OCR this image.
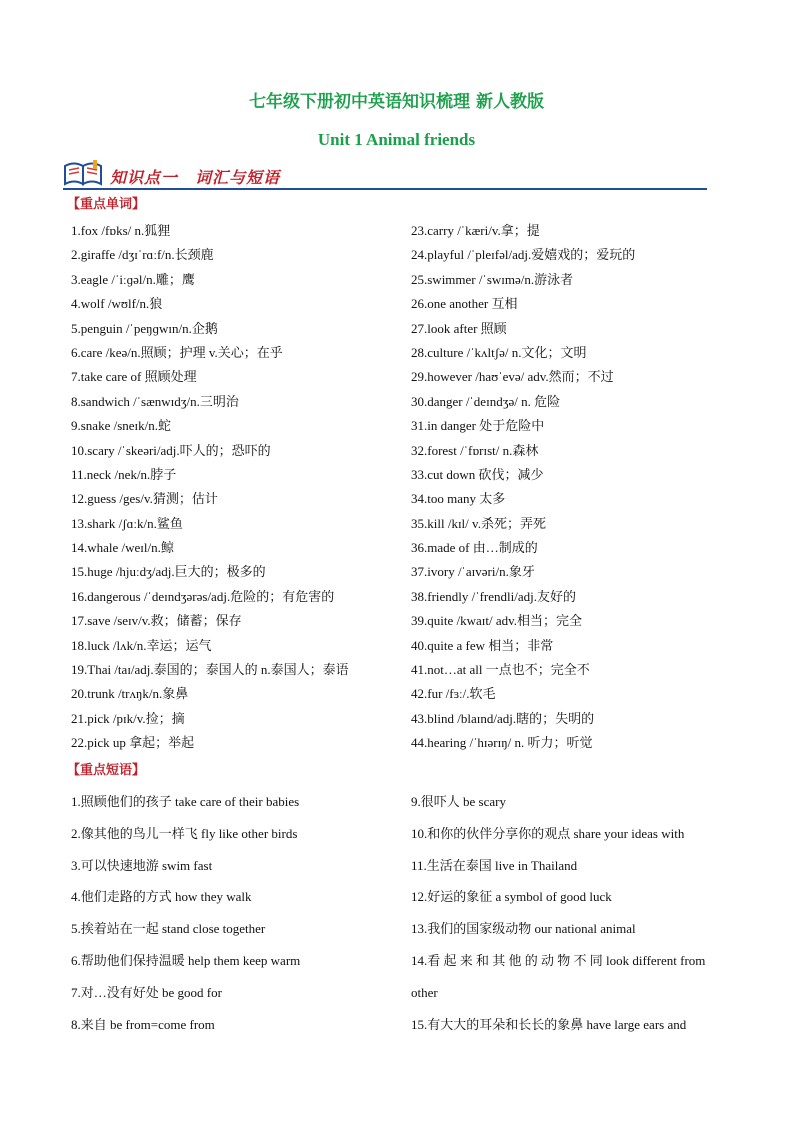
七年级下册初中英语知识梳理 新人教版
Unit 1 Animal friends
知识点一　词汇与短语
【重点单词】
1.fox /fɒks/ n.狐狸
2.giraffe /dʒɪˈrɑːf/n.长颈鹿
3.eagle /ˈiːɡəl/n.雕；鹰
4.wolf /wʊlf/n.狼
5.penguin /ˈpeŋɡwɪn/n.企鹅
6.care /keə/n.照顾；护理 v.关心；在乎
7.take care of 照顾处理
8.sandwich /ˈsænwɪdʒ/n.三明治
9.snake /sneɪk/n.蛇
10.scary /ˈskeəri/adj.吓人的；恐吓的
11.neck /nek/n.脖子
12.guess /ges/v.猜测；估计
13.shark /ʃɑːk/n.鲨鱼
14.whale /weɪl/n.鲸
15.huge /hjuːdʒ/adj.巨大的；极多的
16.dangerous /ˈdeɪndʒərəs/adj.危险的；有危害的
17.save /seɪv/v.救；储蓄；保存
18.luck /lʌk/n.幸运；运气
19.Thai /taɪ/adj.泰国的；泰国人的 n.泰国人；泰语
20.trunk /trʌŋk/n.象鼻
21.pick /pɪk/v.捡；摘
22.pick up 拿起；举起
23.carry /ˈkæri/v.拿；提
24.playful /ˈpleɪfəl/adj.爱嬉戏的；爱玩的
25.swimmer /ˈswɪmə/n.游泳者
26.one another 互相
27.look after 照顾
28.culture /ˈkʌltʃə/ n.文化；文明
29.however /haʊˈevə/ adv.然而；不过
30.danger /ˈdeɪndʒə/ n. 危险
31.in danger 处于危险中
32.forest /ˈfɒrɪst/ n.森林
33.cut down 砍伐；减少
34.too many 太多
35.kill /kɪl/ v.杀死；弄死
36.made of 由…制成的
37.ivory /ˈaɪvəri/n.象牙
38.friendly /ˈfrendli/adj.友好的
39.quite /kwaɪt/ adv.相当；完全
40.quite a few 相当；非常
41.not…at all 一点也不；完全不
42.fur /fɜː/.软毛
43.blind /blaɪnd/adj.瞎的；失明的
44.hearing /ˈhɪərɪŋ/ n. 听力；听觉
【重点短语】
1.照顾他们的孩子 take care of their babies
2.像其他的鸟儿一样飞 fly like other birds
3.可以快速地游 swim fast
4.他们走路的方式 how they walk
5.挨着站在一起 stand close together
6.帮助他们保持温暖 help them keep warm
7.对…没有好处 be good for
8.来自 be from=come from
9.很吓人 be scary
10.和你的伙伴分享你的观点 share your ideas with
11.生活在泰国 live in Thailand
12.好运的象征 a symbol of good luck
13.我们的国家级动物 our national animal
14.看 起 来 和 其 他 的 动 物 不 同 look different from
other
15.有大大的耳朵和长长的象鼻 have large ears and
